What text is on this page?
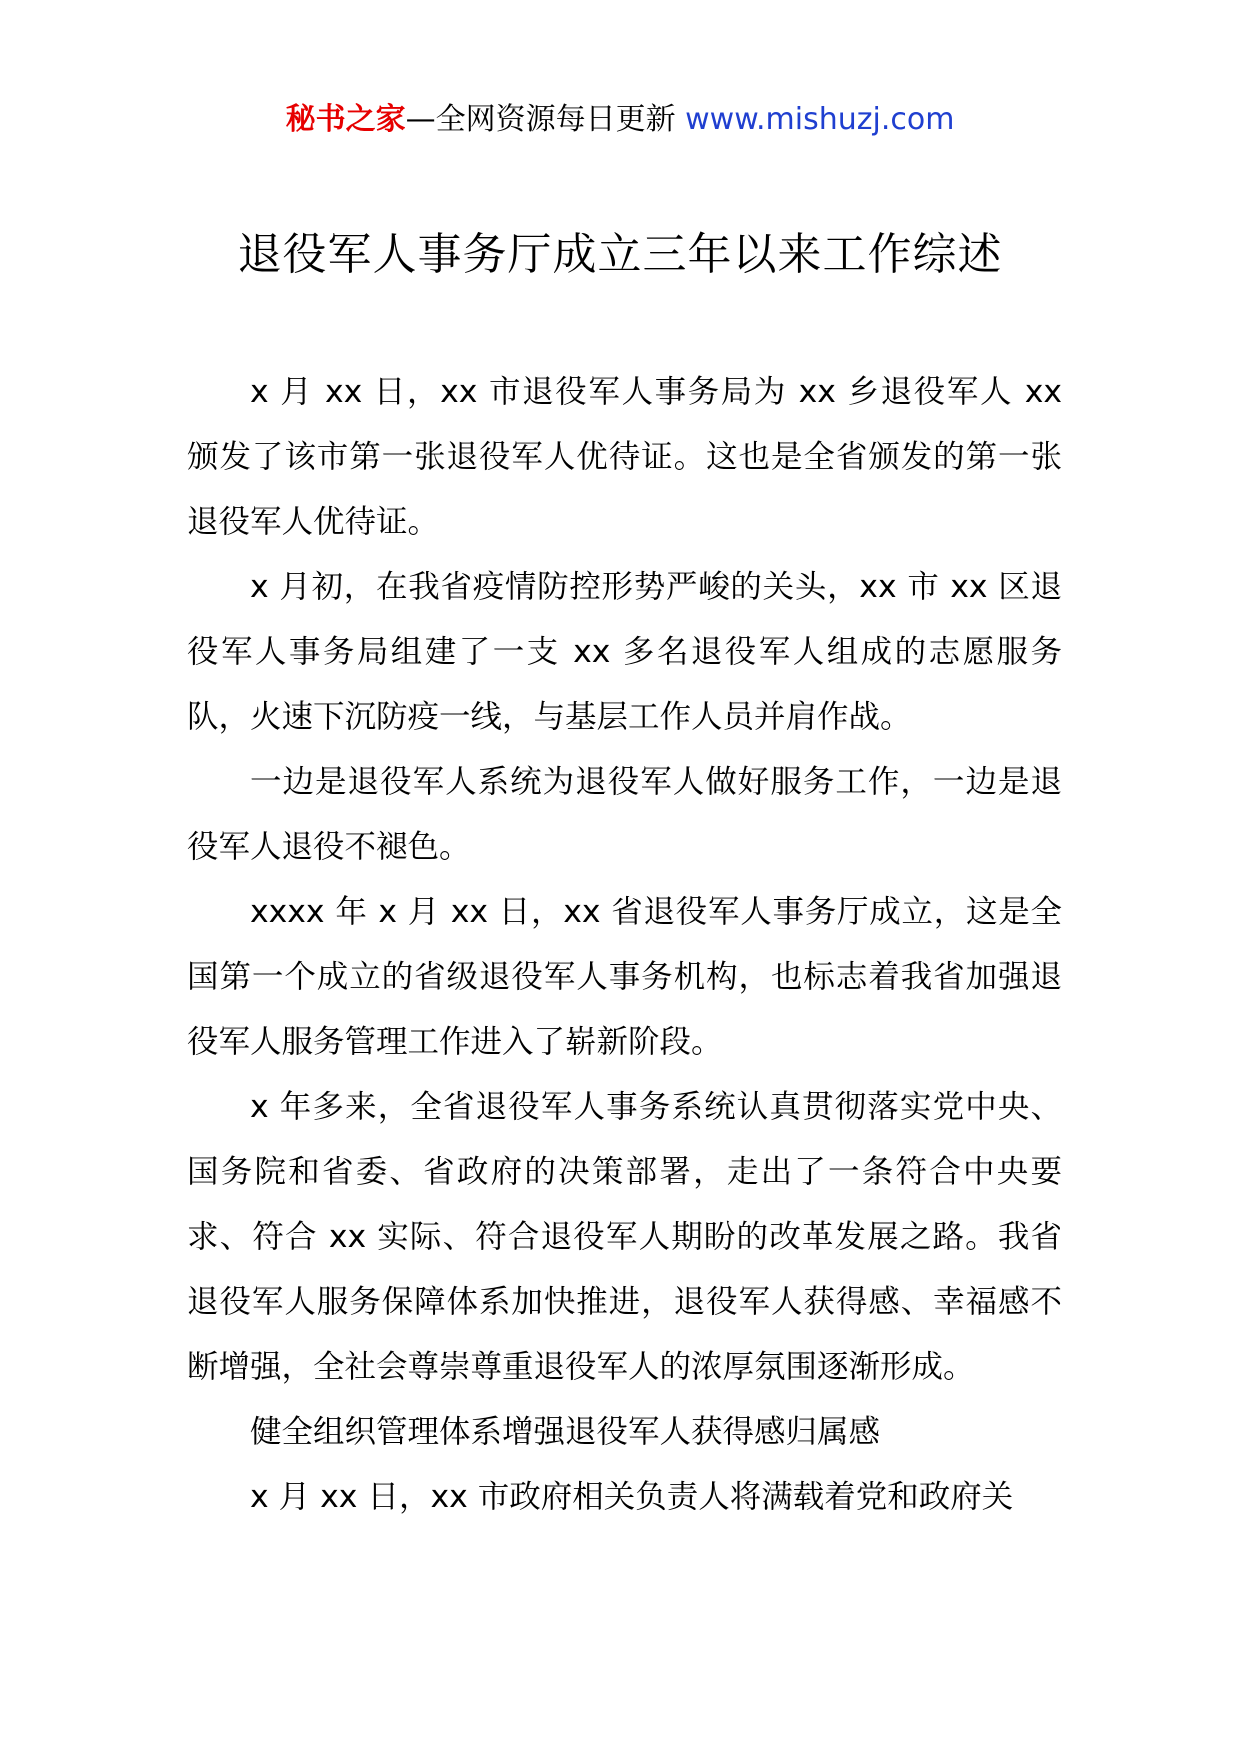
秘书之家—全网资源每日更新 www.mishuzj.com
退役军人事务厅成立三年以来工作综述

x 月 xx 日，xx 市退役军人事务局为 xx 乡退役军人 xx 颁发了该市第一张退役军人优待证。这也是全省颁发的第一张退役军人优待证。

x 月初，在我省疫情防控形势严峻的关头，xx 市 xx 区退役军人事务局组建了一支 xx 多名退役军人组成的志愿服务队，火速下沉防疫一线，与基层工作人员并肩作战。

一边是退役军人系统为退役军人做好服务工作，一边是退役军人退役不褪色。

xxxx 年 x 月 xx 日，xx 省退役军人事务厅成立，这是全国第一个成立的省级退役军人事务机构，也标志着我省加强退役军人服务管理工作进入了崭新阶段。

x 年多来，全省退役军人事务系统认真贯彻落实党中央、国务院和省委、省政府的决策部署，走出了一条符合中央要求、符合 xx 实际、符合退役军人期盼的改革发展之路。我省退役军人服务保障体系加快推进，退役军人获得感、幸福感不断增强，全社会尊崇尊重退役军人的浓厚氛围逐渐形成。

健全组织管理体系增强退役军人获得感归属感

x 月 xx 日，xx 市政府相关负责人将满载着党和政府关
